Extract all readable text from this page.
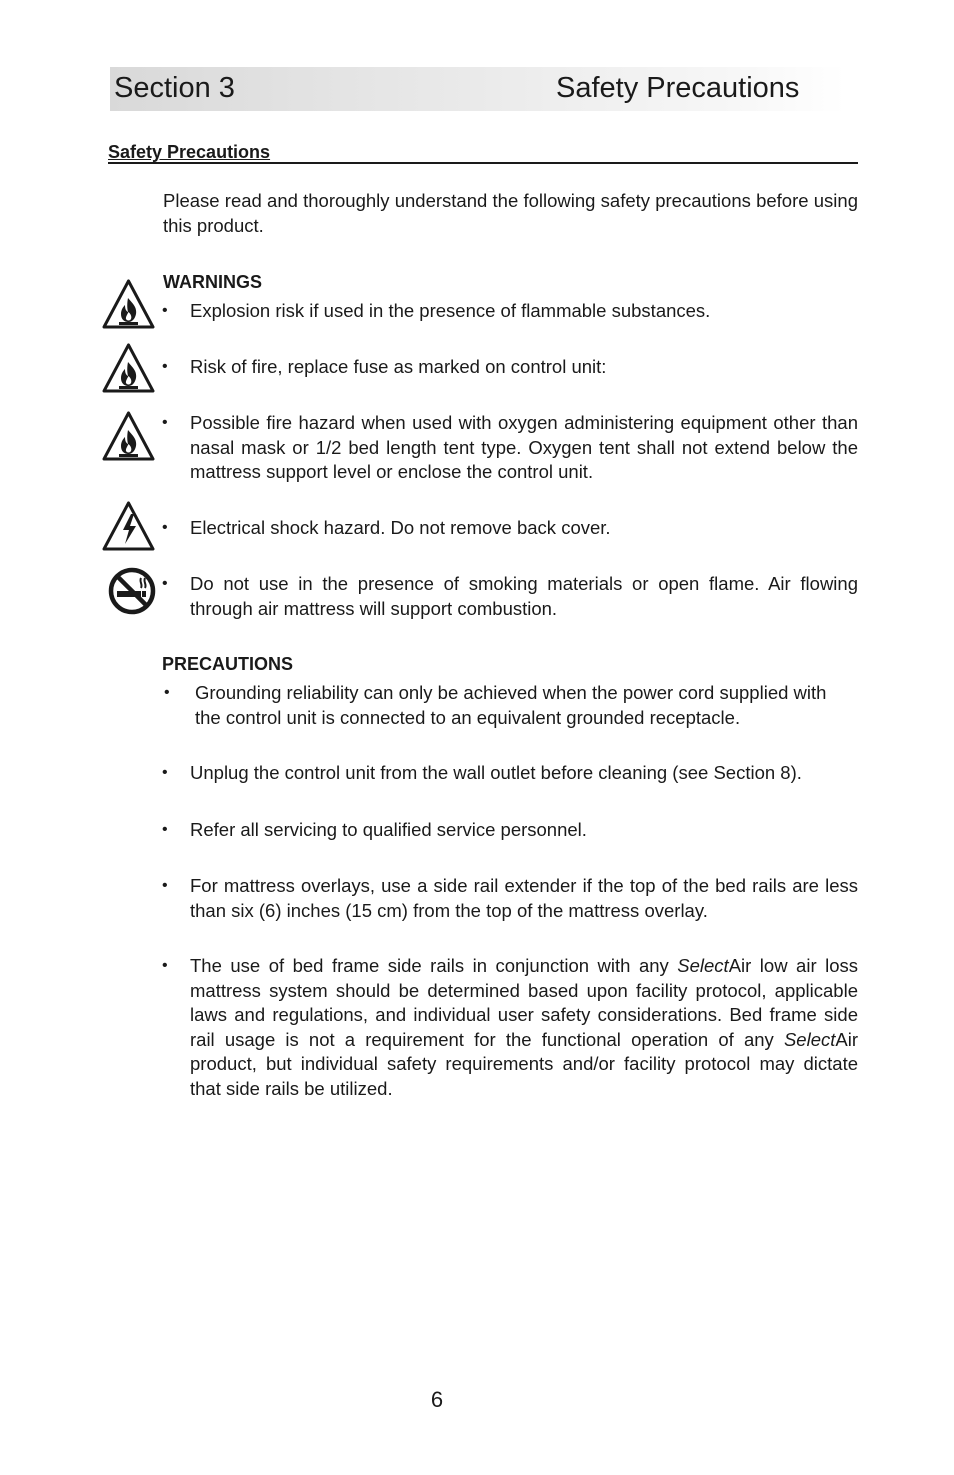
Section 3	Safety Precautions
Safety Precautions
Please read and thoroughly understand the following safety precautions before using this product.
WARNINGS
• Explosion risk if used in the presence of flammable substances.
• Risk of fire, replace fuse as marked on control unit:
• Possible fire hazard when used with oxygen administering equipment other than nasal mask or 1/2 bed length tent type. Oxygen tent shall not extend below the mattress support level or enclose the control unit.
• Electrical shock hazard. Do not remove back cover.
• Do not use in the presence of smoking materials or open flame. Air flowing through air mattress will support combustion.
PRECAUTIONS
• Grounding reliability can only be achieved when the power cord supplied with the control unit is connected to an equivalent grounded receptacle.
• Unplug the control unit from the wall outlet before cleaning (see Section 8).
• Refer all servicing to qualified service personnel.
• For mattress overlays, use a side rail extender if the top of the bed rails are less than six (6) inches (15 cm) from the top of the mattress overlay.
• The use of bed frame side rails in conjunction with any SelectAir low air loss mattress system should be determined based upon facility protocol, applicable laws and regulations, and individual user safety considerations. Bed frame side rail usage is not a requirement for the functional operation of any SelectAir product, but individual safety requirements and/or facility protocol may dictate that side rails be utilized.
6
